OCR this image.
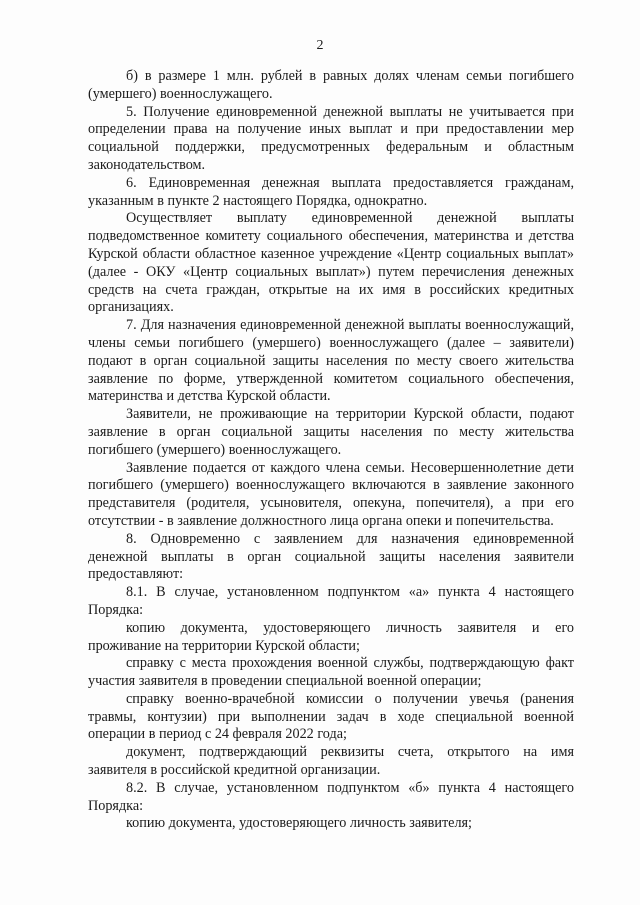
2

б) в размере 1 млн. рублей в равных долях членам семьи погибшего (умершего) военнослужащего.

5. Получение единовременной денежной выплаты не учитывается при определении права на получение иных выплат и при предоставлении мер социальной поддержки, предусмотренных федеральным и областным законодательством.

6. Единовременная денежная выплата предоставляется гражданам, указанным в пункте 2 настоящего Порядка, однократно.

Осуществляет выплату единовременной денежной выплаты подведомственное комитету социального обеспечения, материнства и детства Курской области областное казенное учреждение «Центр социальных выплат» (далее - ОКУ «Центр социальных выплат») путем перечисления денежных средств на счета граждан, открытые на их имя в российских кредитных организациях.

7. Для назначения единовременной денежной выплаты военнослужащий, члены семьи погибшего (умершего) военнослужащего (далее – заявители) подают в орган социальной защиты населения по месту своего жительства заявление по форме, утвержденной комитетом социального обеспечения, материнства и детства Курской области.

Заявители, не проживающие на территории Курской области, подают заявление в орган социальной защиты населения по месту жительства погибшего (умершего) военнослужащего.

Заявление подается от каждого члена семьи. Несовершеннолетние дети погибшего (умершего) военнослужащего включаются в заявление законного представителя (родителя, усыновителя, опекуна, попечителя), а при его отсутствии - в заявление должностного лица органа опеки и попечительства.

8. Одновременно с заявлением для назначения единовременной денежной выплаты в орган социальной защиты населения заявители предоставляют:

8.1. В случае, установленном подпунктом «а» пункта 4 настоящего Порядка:

копию документа, удостоверяющего личность заявителя и его проживание на территории Курской области;

справку с места прохождения военной службы, подтверждающую факт участия заявителя в проведении специальной военной операции;

справку военно-врачебной комиссии о получении увечья (ранения травмы, контузии) при выполнении задач в ходе специальной военной операции в период с 24 февраля 2022 года;

документ, подтверждающий реквизиты счета, открытого на имя заявителя в российской кредитной организации.

8.2. В случае, установленном подпунктом «б» пункта 4 настоящего Порядка:

копию документа, удостоверяющего личность заявителя;
